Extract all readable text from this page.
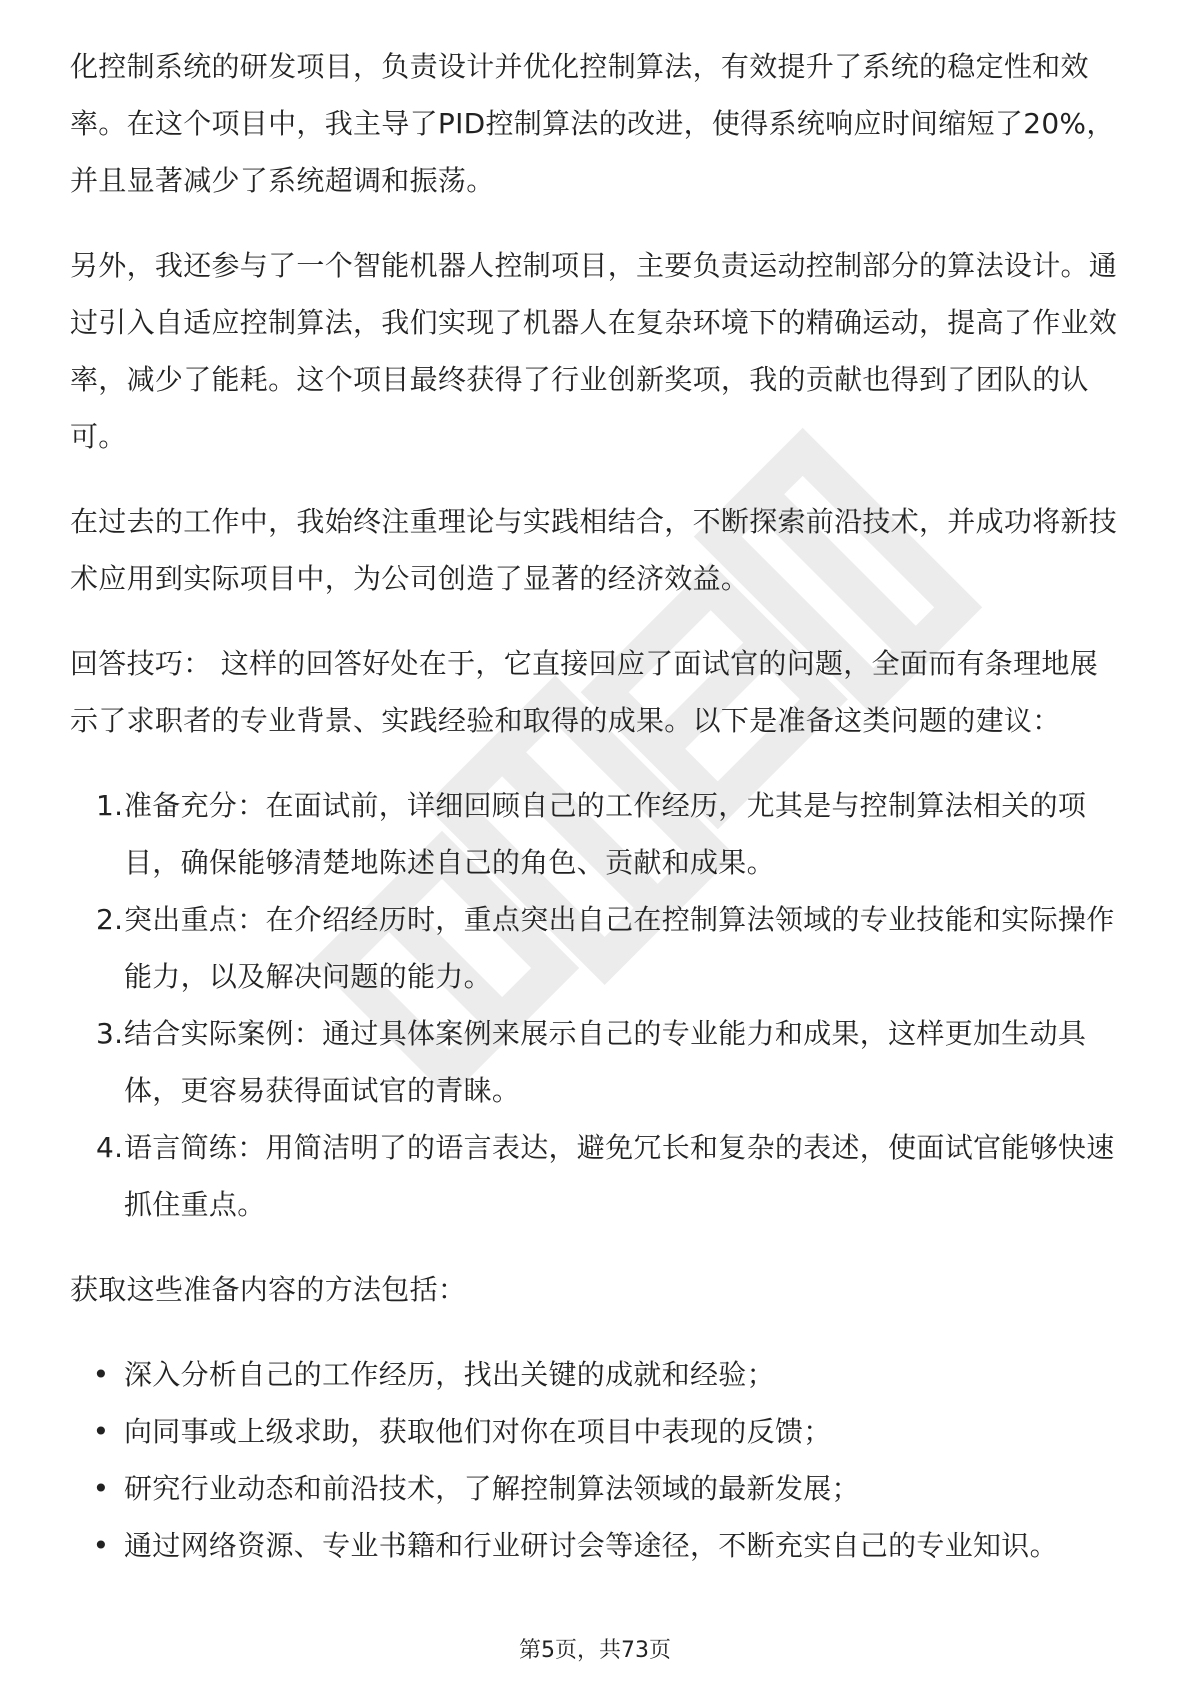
化控制系统的研发项目，负责设计并优化控制算法，有效提升了系统的稳定性和效率。在这个项目中，我主导了PID控制算法的改进，使得系统响应时间缩短了20%，并且显著减少了系统超调和振荡。

另外，我还参与了一个智能机器人控制项目，主要负责运动控制部分的算法设计。通过引入自适应控制算法，我们实现了机器人在复杂环境下的精确运动，提高了作业效率，减少了能耗。这个项目最终获得了行业创新奖项，我的贡献也得到了团队的认可。

在过去的工作中，我始终注重理论与实践相结合，不断探索前沿技术，并成功将新技术应用到实际项目中，为公司创造了显著的经济效益。

回答技巧： 这样的回答好处在于，它直接回应了面试官的问题，全面而有条理地展示了求职者的专业背景、实践经验和取得的成果。以下是准备这类问题的建议：

1. 准备充分：在面试前，详细回顾自己的工作经历，尤其是与控制算法相关的项目，确保能够清楚地陈述自己的角色、贡献和成果。
2. 突出重点：在介绍经历时，重点突出自己在控制算法领域的专业技能和实际操作能力，以及解决问题的能力。
3. 结合实际案例：通过具体案例来展示自己的专业能力和成果，这样更加生动具体，更容易获得面试官的青睐。
4. 语言简练：用简洁明了的语言表达，避免冗长和复杂的表述，使面试官能够快速抓住重点。

获取这些准备内容的方法包括：

• 深入分析自己的工作经历，找出关键的成就和经验；
• 向同事或上级求助，获取他们对你在项目中表现的反馈；
• 研究行业动态和前沿技术，了解控制算法领域的最新发展；
• 通过网络资源、专业书籍和行业研讨会等途径，不断充实自己的专业知识。
第5页，共73页
